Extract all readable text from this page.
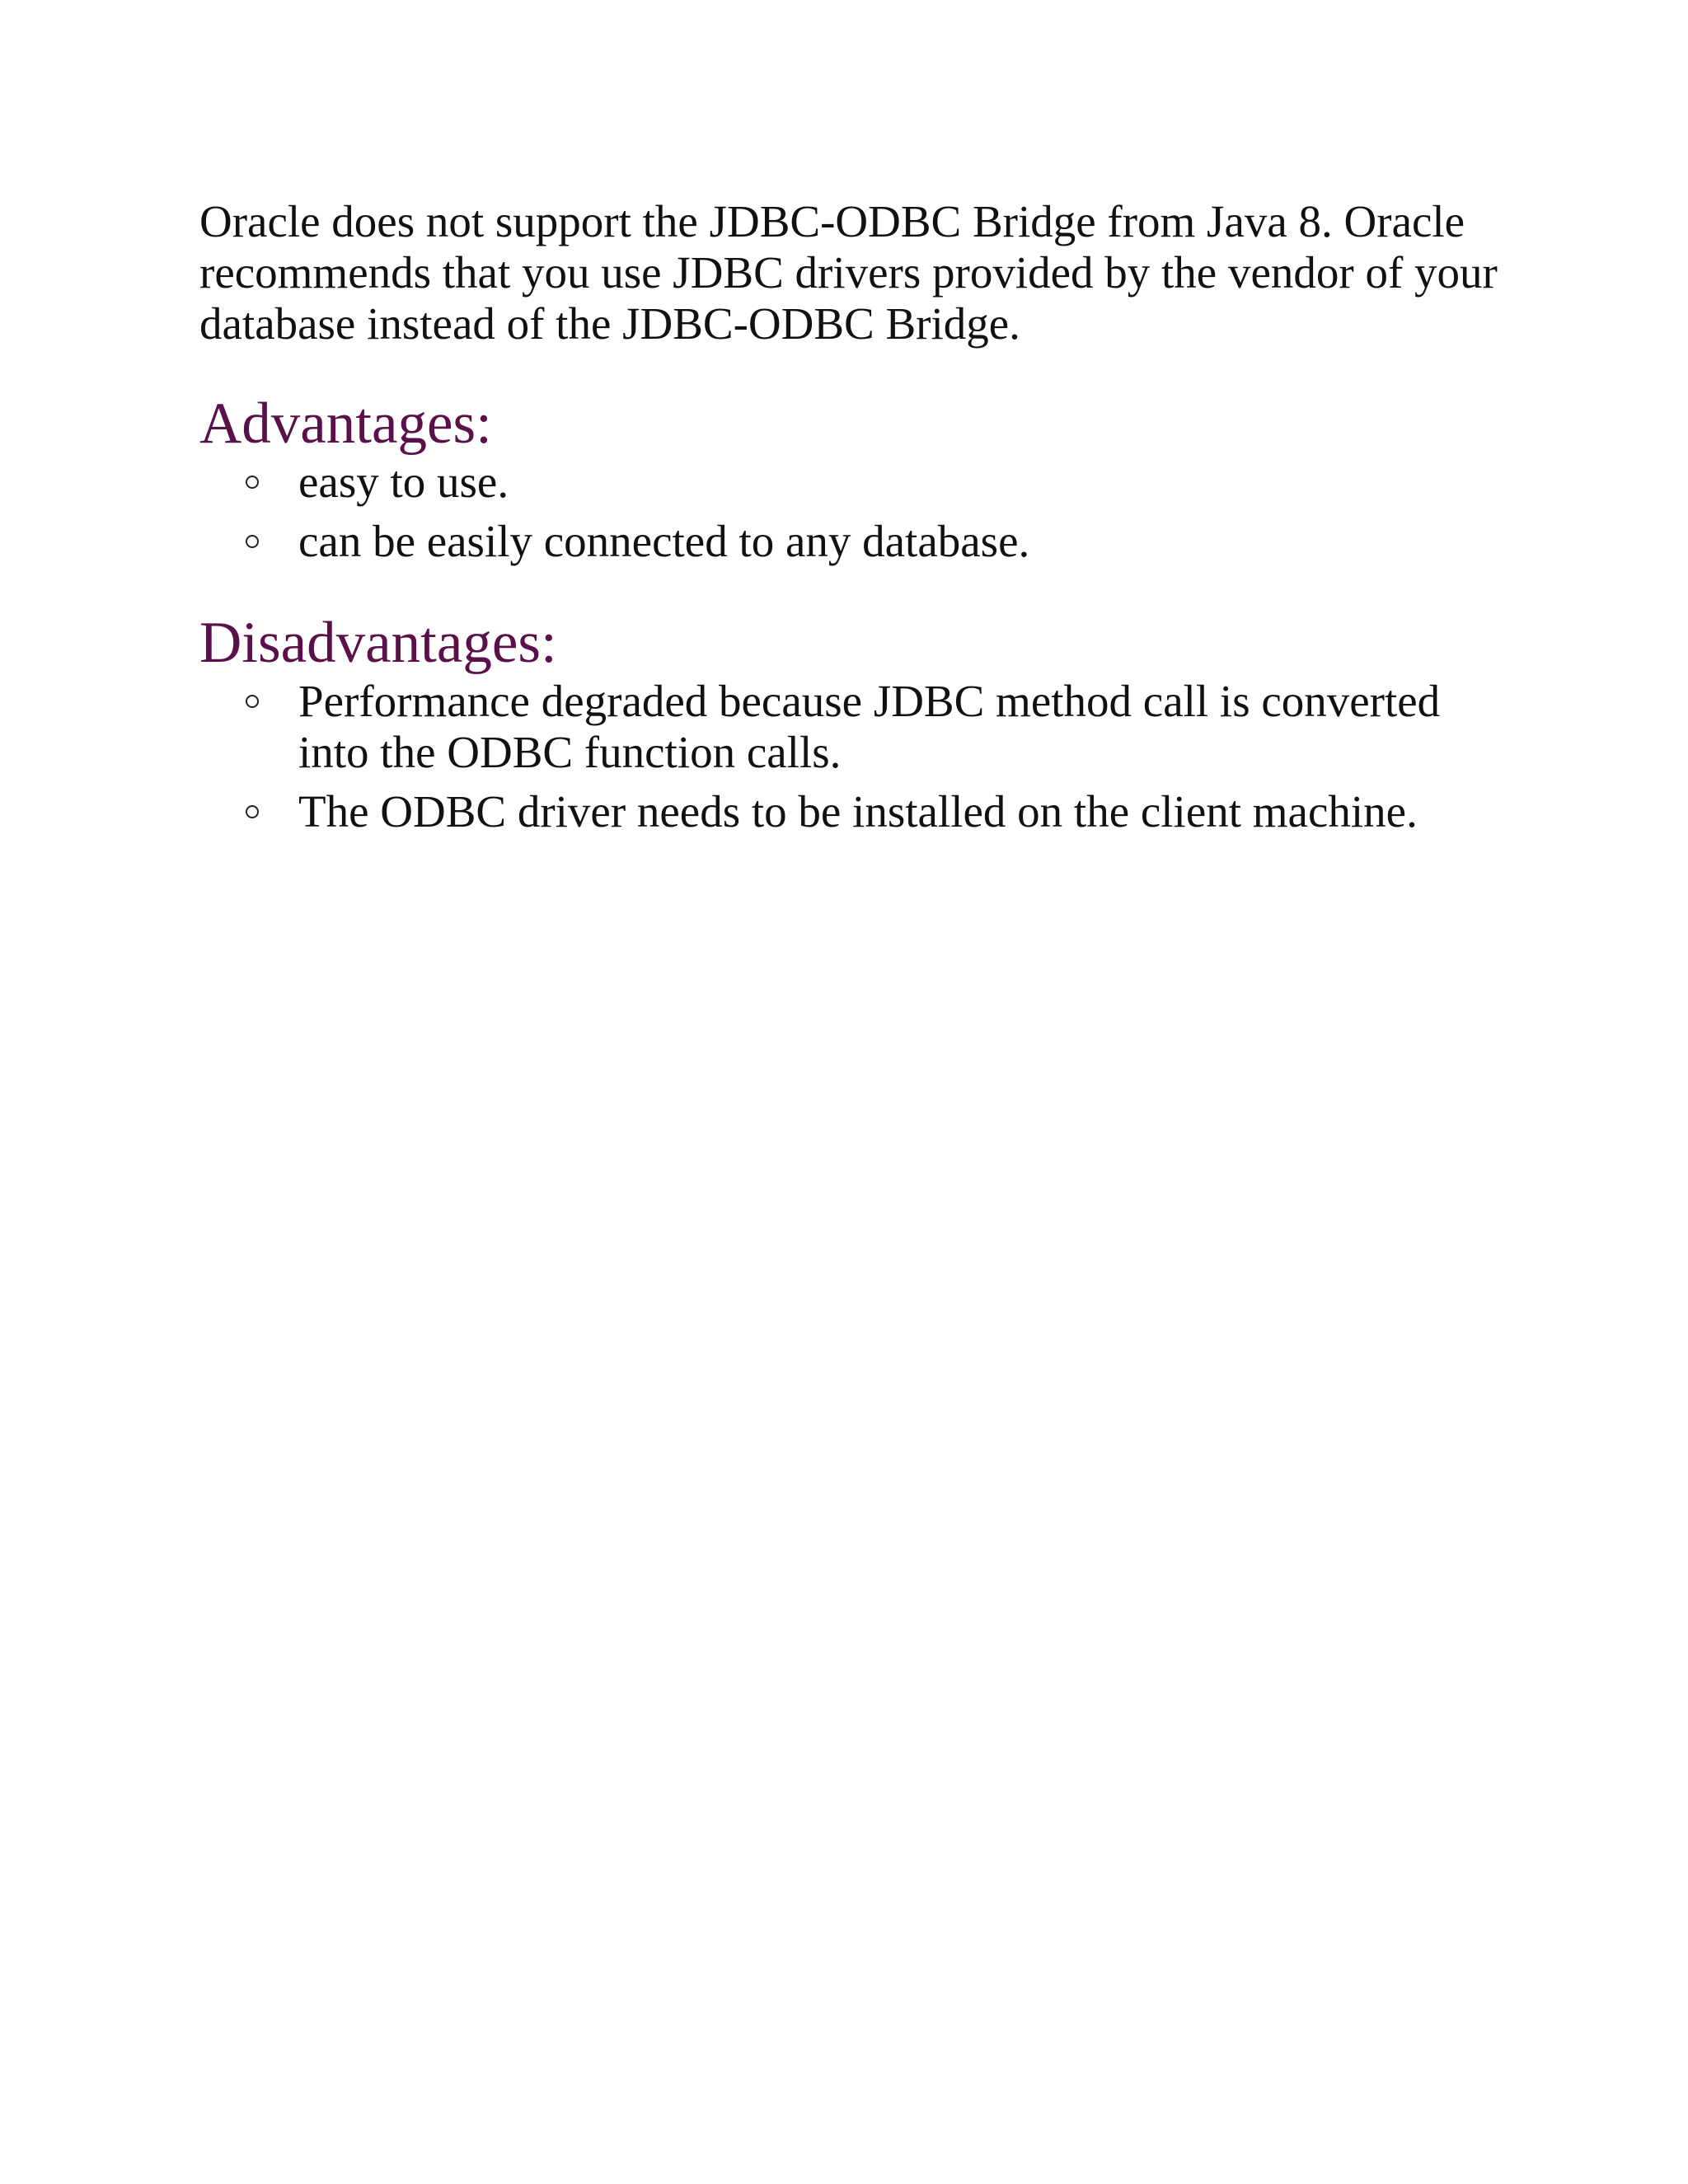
Oracle does not support the JDBC-ODBC Bridge from Java 8. Oracle recommends that you use JDBC drivers provided by the vendor of your database instead of the JDBC-ODBC Bridge.

Advantages:
easy to use.
can be easily connected to any database.
Disadvantages:
Performance degraded because JDBC method call is converted into the ODBC function calls.
The ODBC driver needs to be installed on the client machine.
